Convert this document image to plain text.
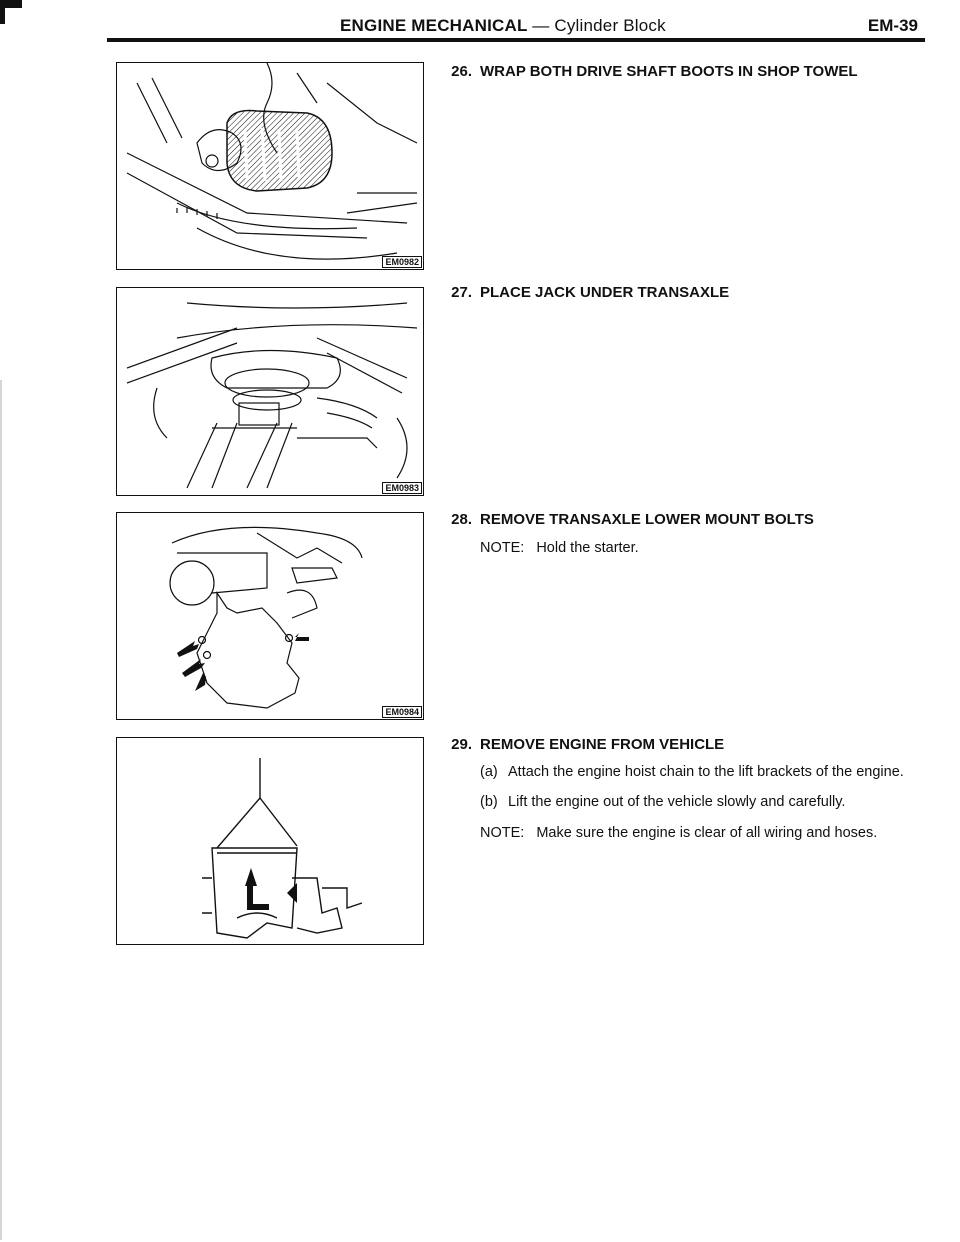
ENGINE MECHANICAL — Cylinder Block	EM-39
EM0982
EM0983
EM0984
26. WRAP BOTH DRIVE SHAFT BOOTS IN SHOP TOWEL
27. PLACE JACK UNDER TRANSAXLE
28. REMOVE TRANSAXLE LOWER MOUNT BOLTS

NOTE: Hold the starter.

29. REMOVE ENGINE FROM VEHICLE

(a) Attach the engine hoist chain to the lift brackets of the engine.

(b) Lift the engine out of the vehicle slowly and carefully.

NOTE: Make sure the engine is clear of all wiring and hoses.
